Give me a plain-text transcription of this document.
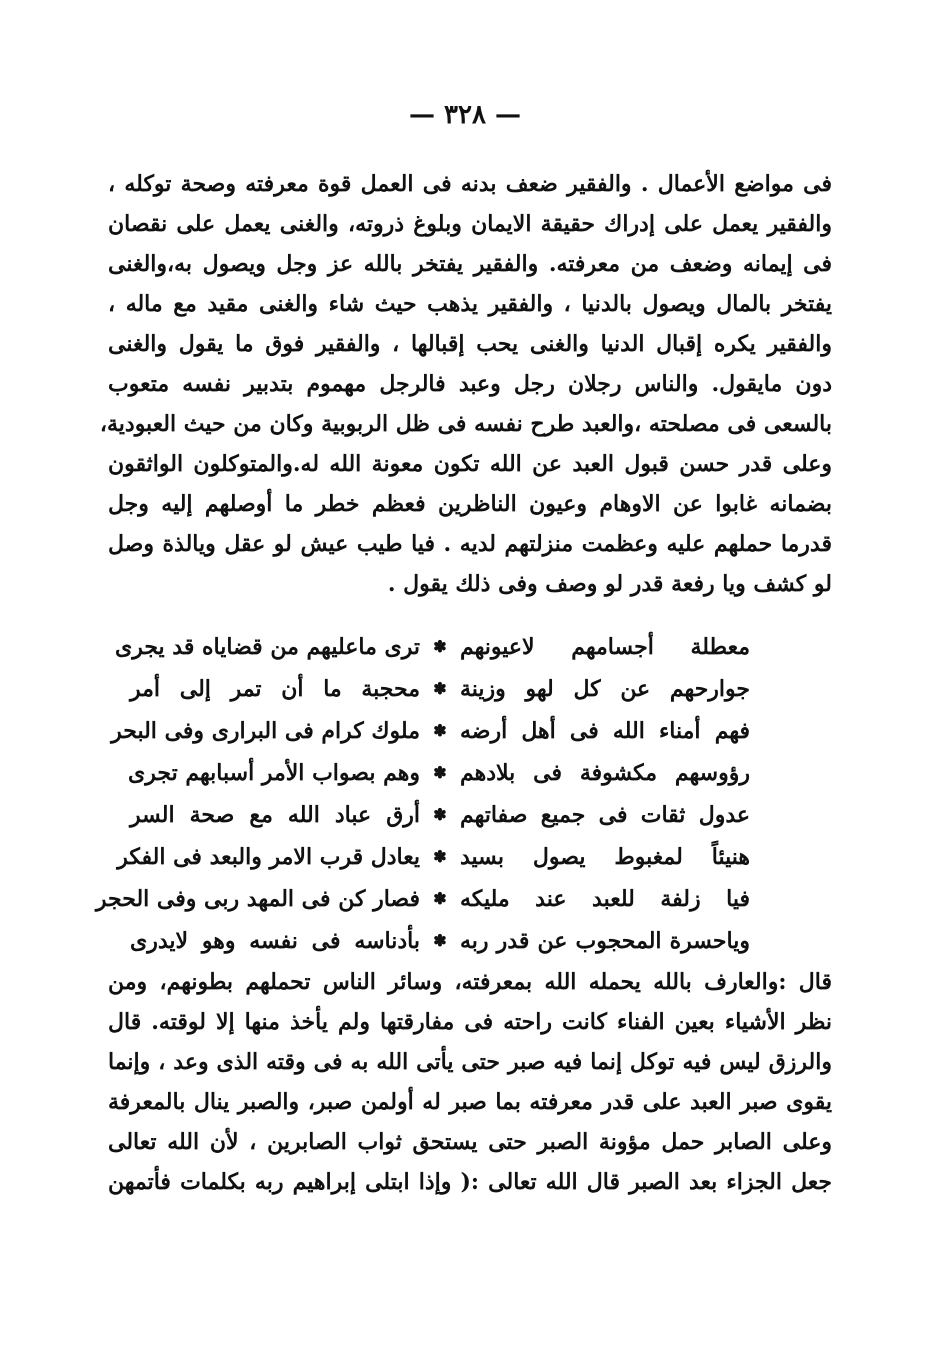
— ٣٢٨ —
فى مواضع الأعمال . والفقير ضعف بدنه فى العمل قوة معرفته وصحة توكله ،
والفقير يعمل على إدراك حقيقة الايمان وبلوغ ذروته، والغنى يعمل على نقصان
فى إيمانه وضعف من معرفته. والفقير يفتخر بالله عز وجل ويصول به،والغنى
يفتخر بالمال ويصول بالدنيا ، والفقير يذهب حيث شاء والغنى مقيد مع ماله ،
والفقير يكره إقبال الدنيا والغنى يحب إقبالها ، والفقير فوق ما يقول والغنى
دون مايقول. والناس رجلان رجل وعبد فالرجل مهموم بتدبير نفسه متعوب
بالسعى فى مصلحته ،والعبد طرح نفسه فى ظل الربوبية وكان من حيث العبودية،
وعلى قدر حسن قبول العبد عن الله تكون معونة الله له.والمتوكلون الواثقون
بضمانه غابوا عن الاوهام وعيون الناظرين فعظم خطر ما أوصلهم إليه وجل
قدرما حملهم عليه وعظمت منزلتهم لديه . فيا طيب عيش لو عقل ويالذة وصل
لو كشف ويا رفعة قدر لو وصف وفى ذلك يقول .
معطلة أجسامهم لاعيونهم
✽
ترى ماعليهم من قضاياه قد يجرى
جوارحهم عن كل لهو وزينة
✽
محجبة ما أن تمر إلى أمر
فهم أمناء الله فى أهل أرضه
✽
ملوك كرام فى البرارى وفى البحر
رؤوسهم مكشوفة فى بلادهم
✽
وهم بصواب الأمر أسبابهم تجرى
عدول ثقات فى جميع صفاتهم
✽
أرق عباد الله مع صحة السر
هنيئاً لمغبوط يصول بسيد
✽
يعادل قرب الامر والبعد فى الفكر
فيا زلفة للعبد عند مليكه
✽
فصار كن فى المهد ربى وفى الحجر
وياحسرة المحجوب عن قدر ربه
✽
بأدناسه فى نفسه وهو لايدرى
قال :والعارف بالله يحمله الله بمعرفته، وسائر الناس تحملهم بطونهم، ومن
نظر الأشياء بعين الفناء كانت راحته فى مفارقتها ولم يأخذ منها إلا لوقته. قال
والرزق ليس فيه توكل إنما فيه صبر حتى يأتى الله به فى وقته الذى وعد ، وإنما
يقوى صبر العبد على قدر معرفته بما صبر له أولمن صبر، والصبر ينال بالمعرفة
وعلى الصابر حمل مؤونة الصبر حتى يستحق ثواب الصابرين ، لأن الله تعالى
جعل الجزاء بعد الصبر قال الله تعالى :( وإذا ابتلى إبراهيم ربه بكلمات فأتمهن
